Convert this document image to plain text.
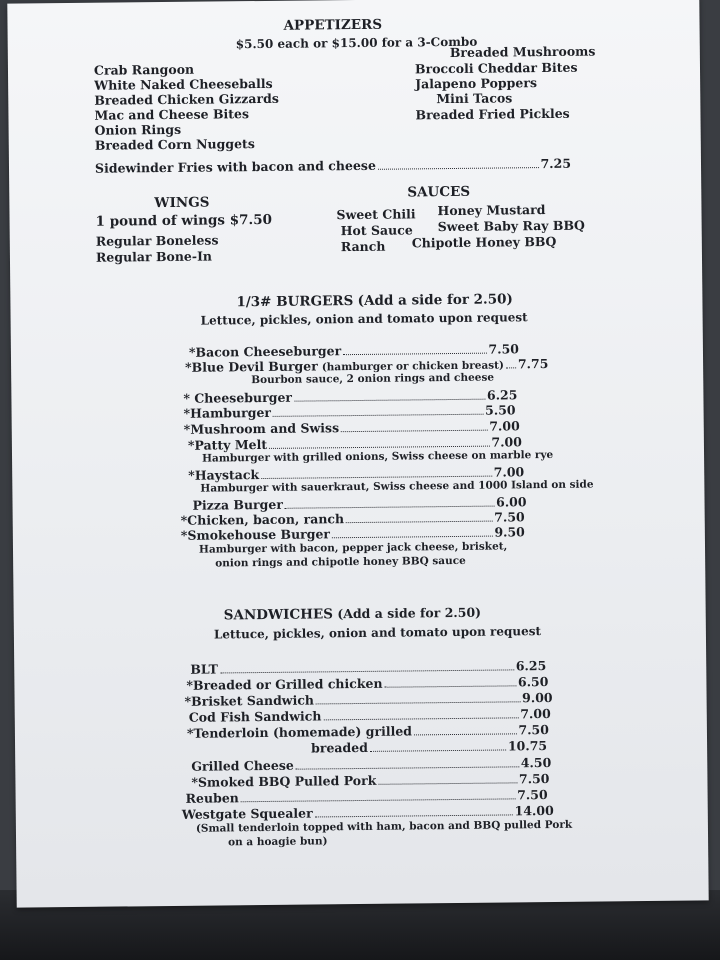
APPETIZERS
$5.50 each or $15.00 for a 3-Combo
Crab Rangoon
White Naked Cheeseballs
Breaded Chicken Gizzards
Mac and Cheese Bites
Onion Rings
Breaded Corn Nuggets
Breaded Mushrooms
Broccoli Cheddar Bites
Jalapeno Poppers
Mini Tacos
Breaded Fried Pickles
Sidewinder Fries with bacon and cheese	7.25
WINGS
1 pound of wings $7.50
Regular Boneless
Regular Bone-In
SAUCES
Sweet Chili
Hot Sauce
Ranch
Honey Mustard
Sweet Baby Ray BBQ
Chipotle Honey BBQ
1/3# BURGERS (Add a side for 2.50)
Lettuce, pickles, onion and tomato upon request
*Bacon Cheeseburger	7.50
*Blue Devil Burger (hamburger or chicken breast) 7.75
Bourbon sauce, 2 onion rings and cheese
* Cheeseburger	6.25
*Hamburger	5.50
*Mushroom and Swiss	7.00
*Patty Melt	7.00
Hamburger with grilled onions, Swiss cheese on marble rye
*Haystack	7.00
Hamburger with sauerkraut, Swiss cheese and 1000 Island on side
Pizza Burger	6.00
*Chicken, bacon, ranch	7.50
*Smokehouse Burger	9.50
Hamburger with bacon, pepper jack cheese, brisket,
onion rings and chipotle honey BBQ sauce
SANDWICHES (Add a side for 2.50)
Lettuce, pickles, onion and tomato upon request
BLT	6.25
*Breaded or Grilled chicken	6.50
*Brisket Sandwich	9.00
Cod Fish Sandwich	7.00
*Tenderloin (homemade) grilled	7.50
breaded	10.75
Grilled Cheese	4.50
*Smoked BBQ Pulled Pork	7.50
Reuben	7.50
Westgate Squealer	14.00
(Small tenderloin topped with ham, bacon and BBQ pulled Pork
on a hoagie bun)
